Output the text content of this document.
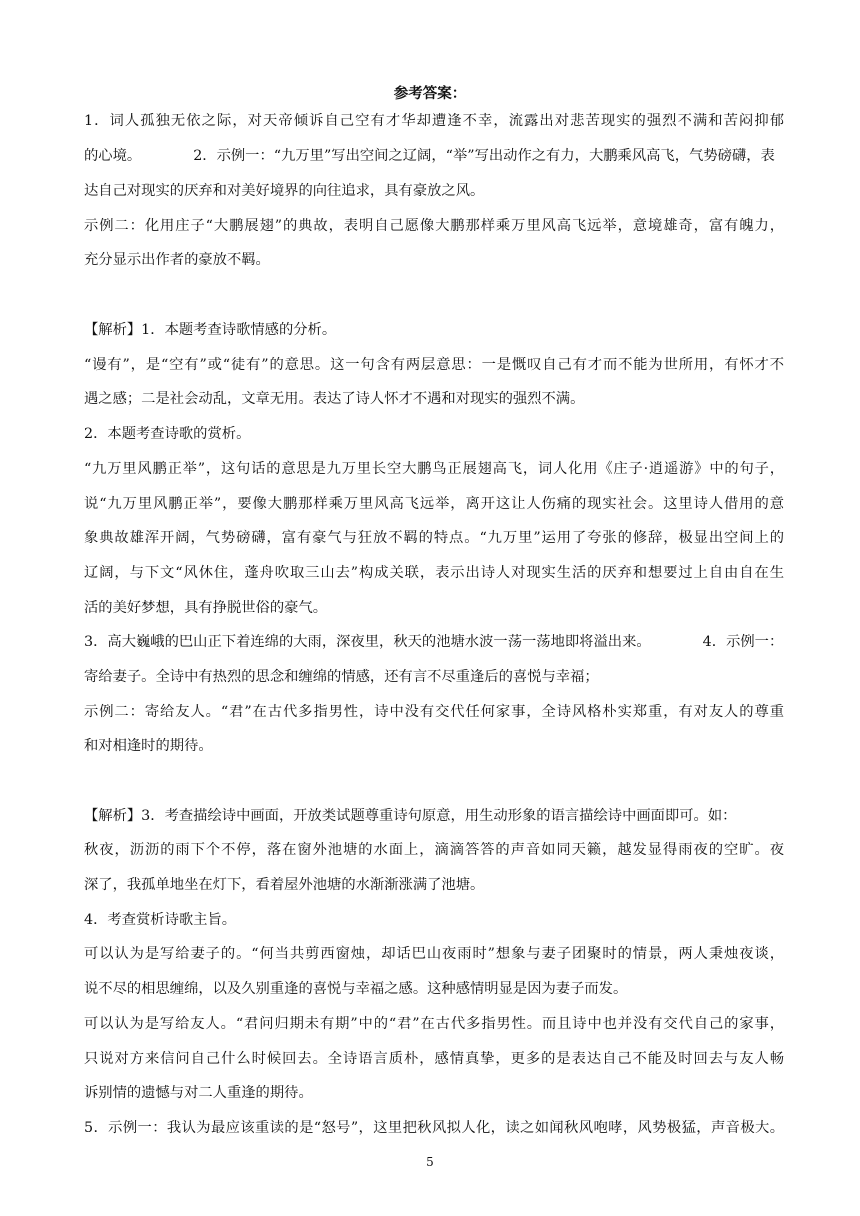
参考答案：
1．词人孤独无依之际，对天帝倾诉自己空有才华却遭逢不幸，流露出对悲苦现实的强烈不满和苦闷抑郁
的心境。	2．示例一：“九万里”写出空间之辽阔，“举”写出动作之有力，大鹏乘风高飞，气势磅礴，表
达自己对现实的厌弃和对美好境界的向往追求，具有豪放之风。
示例二：化用庄子“大鹏展翅”的典故，表明自己愿像大鹏那样乘万里风高飞远举，意境雄奇，富有魄力，
充分显示出作者的豪放不羁。
【解析】1．本题考查诗歌情感的分析。
“谩有”，是“空有”或“徒有”的意思。这一句含有两层意思：一是慨叹自己有才而不能为世所用，有怀才不
遇之感；二是社会动乱，文章无用。表达了诗人怀才不遇和对现实的强烈不满。
2．本题考查诗歌的赏析。
“九万里风鹏正举”，这句话的意思是九万里长空大鹏鸟正展翅高飞，词人化用《庄子·逍遥游》中的句子，
说“九万里风鹏正举”，要像大鹏那样乘万里风高飞远举，离开这让人伤痛的现实社会。这里诗人借用的意
象典故雄浑开阔，气势磅礴，富有豪气与狂放不羁的特点。“九万里”运用了夸张的修辞，极显出空间上的
辽阔，与下文“风休住，蓬舟吹取三山去”构成关联，表示出诗人对现实生活的厌弃和想要过上自由自在生
活的美好梦想，具有挣脱世俗的豪气。
3．高大巍峨的巴山正下着连绵的大雨，深夜里，秋天的池塘水波一荡一荡地即将溢出来。	4．示例一：
寄给妻子。全诗中有热烈的思念和缠绵的情感，还有言不尽重逢后的喜悦与幸福；
示例二：寄给友人。“君”在古代多指男性，诗中没有交代任何家事，全诗风格朴实郑重，有对友人的尊重
和对相逢时的期待。
【解析】3．考查描绘诗中画面，开放类试题尊重诗句原意，用生动形象的语言描绘诗中画面即可。如：
秋夜，沥沥的雨下个不停，落在窗外池塘的水面上，滴滴答答的声音如同天籁，越发显得雨夜的空旷。夜
深了，我孤单地坐在灯下，看着屋外池塘的水渐渐涨满了池塘。
4．考查赏析诗歌主旨。
可以认为是写给妻子的。“何当共剪西窗烛，却话巴山夜雨时”想象与妻子团聚时的情景，两人秉烛夜谈，
说不尽的相思缠绵，以及久别重逢的喜悦与幸福之感。这种感情明显是因为妻子而发。
可以认为是写给友人。“君问归期未有期”中的“君”在古代多指男性。而且诗中也并没有交代自己的家事，
只说对方来信问自己什么时候回去。全诗语言质朴，感情真挚，更多的是表达自己不能及时回去与友人畅
诉别情的遗憾与对二人重逢的期待。
5．示例一：我认为最应该重读的是“怒号”，这里把秋风拟人化，读之如闻秋风咆哮，风势极猛，声音极大。
5
